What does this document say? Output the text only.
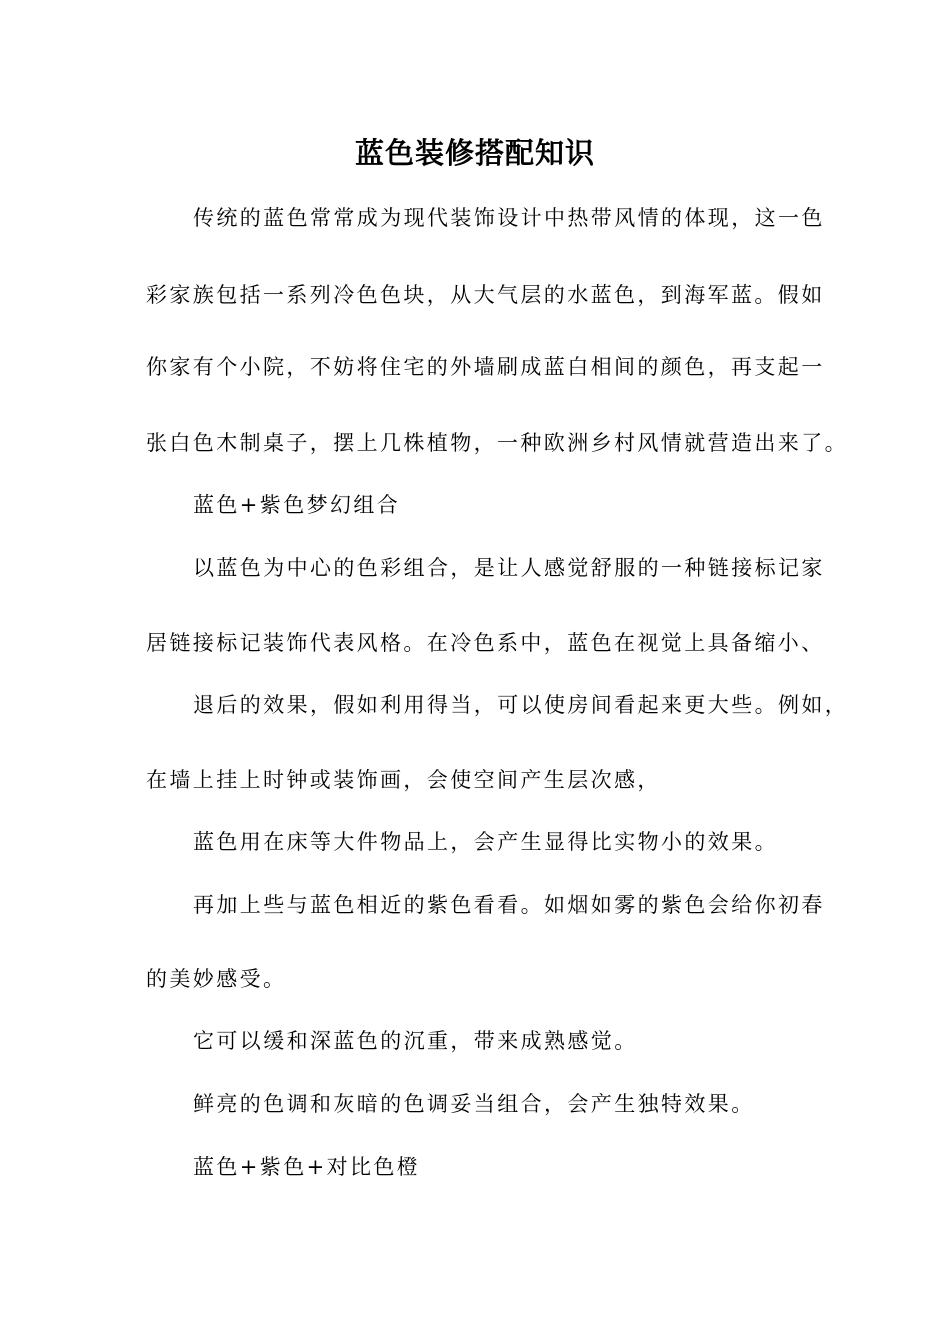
蓝色装修搭配知识
传统的蓝色常常成为现代装饰设计中热带风情的体现，这一色
彩家族包括一系列冷色色块，从大气层的水蓝色，到海军蓝。假如
你家有个小院，不妨将住宅的外墙刷成蓝白相间的颜色，再支起一
张白色木制桌子，摆上几株植物，一种欧洲乡村风情就营造出来了。
蓝色+紫色梦幻组合
以蓝色为中心的色彩组合，是让人感觉舒服的一种链接标记家
居链接标记装饰代表风格。在冷色系中，蓝色在视觉上具备缩小、
退后的效果，假如利用得当，可以使房间看起来更大些。例如，
在墙上挂上时钟或装饰画，会使空间产生层次感，
蓝色用在床等大件物品上，会产生显得比实物小的效果。
再加上些与蓝色相近的紫色看看。如烟如雾的紫色会给你初春
的美妙感受。
它可以缓和深蓝色的沉重，带来成熟感觉。
鲜亮的色调和灰暗的色调妥当组合，会产生独特效果。
蓝色+紫色+对比色橙
